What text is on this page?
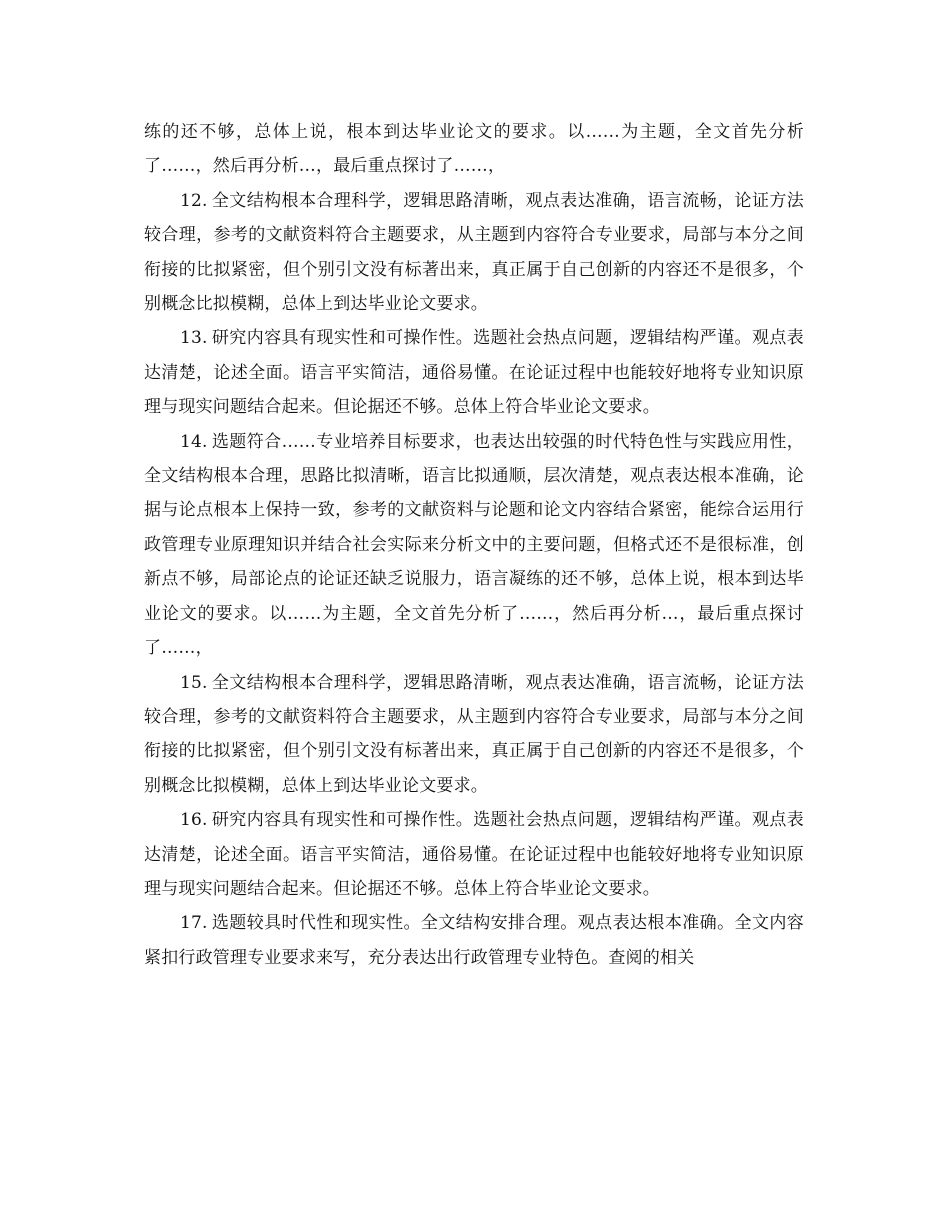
练的还不够，总体上说，根本到达毕业论文的要求。以……为主题，全文首先分析了……，然后再分析…，最后重点探讨了……，

12. 全文结构根本合理科学，逻辑思路清晰，观点表达准确，语言流畅，论证方法较合理，参考的文献资料符合主题要求，从主题到内容符合专业要求，局部与本分之间衔接的比拟紧密，但个别引文没有标著出来，真正属于自己创新的内容还不是很多，个别概念比拟模糊，总体上到达毕业论文要求。

13. 研究内容具有现实性和可操作性。选题社会热点问题，逻辑结构严谨。观点表达清楚，论述全面。语言平实简洁，通俗易懂。在论证过程中也能较好地将专业知识原理与现实问题结合起来。但论据还不够。总体上符合毕业论文要求。

14. 选题符合……专业培养目标要求，也表达出较强的时代特色性与实践应用性，全文结构根本合理，思路比拟清晰，语言比拟通顺，层次清楚，观点表达根本准确，论据与论点根本上保持一致，参考的文献资料与论题和论文内容结合紧密，能综合运用行政管理专业原理知识并结合社会实际来分析文中的主要问题，但格式还不是很标准，创新点不够，局部论点的论证还缺乏说服力，语言凝练的还不够，总体上说，根本到达毕业论文的要求。以……为主题，全文首先分析了……，然后再分析…，最后重点探讨了……，

15. 全文结构根本合理科学，逻辑思路清晰，观点表达准确，语言流畅，论证方法较合理，参考的文献资料符合主题要求，从主题到内容符合专业要求，局部与本分之间衔接的比拟紧密，但个别引文没有标著出来，真正属于自己创新的内容还不是很多，个别概念比拟模糊，总体上到达毕业论文要求。

16. 研究内容具有现实性和可操作性。选题社会热点问题，逻辑结构严谨。观点表达清楚，论述全面。语言平实简洁，通俗易懂。在论证过程中也能较好地将专业知识原理与现实问题结合起来。但论据还不够。总体上符合毕业论文要求。

17. 选题较具时代性和现实性。全文结构安排合理。观点表达根本准确。全文内容紧扣行政管理专业要求来写，充分表达出行政管理专业特色。查阅的相关
